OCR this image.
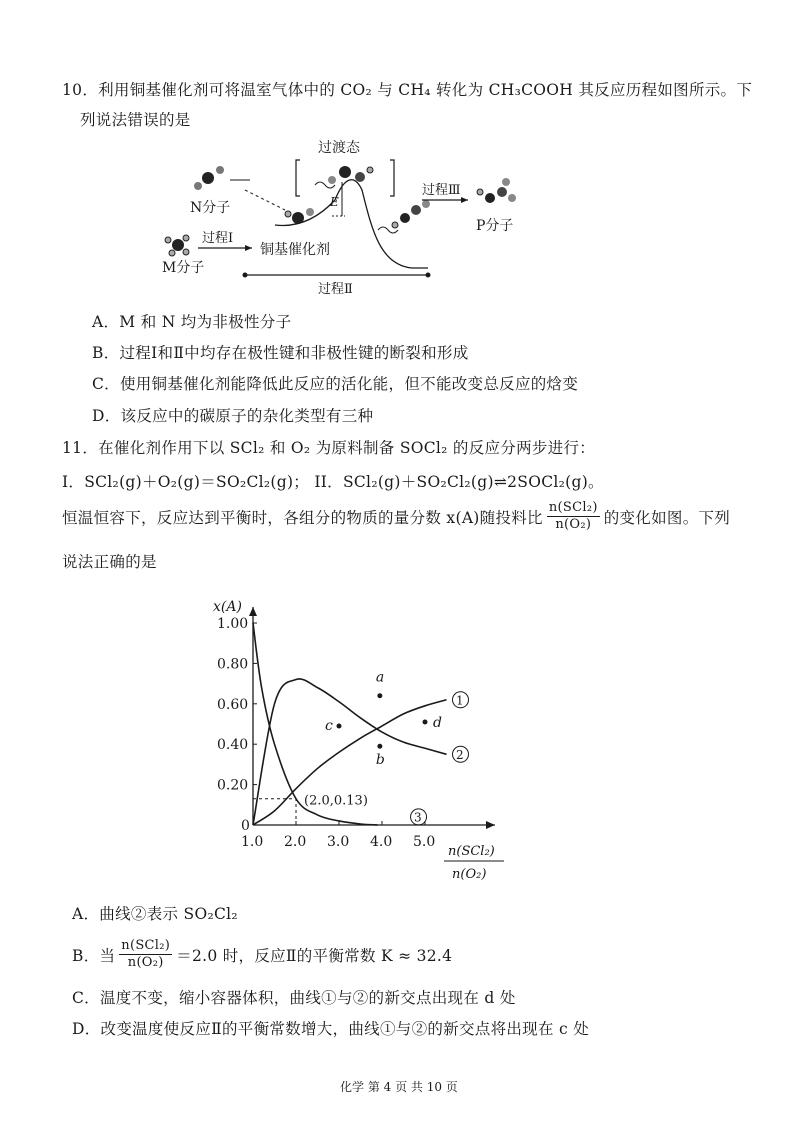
10．利用铜基催化剂可将温室气体中的 CO₂ 与 CH₄ 转化为 CH₃COOH 其反应历程如图所示。下
列说法错误的是
过渡态
N分子
M分子
过程Ⅰ
铜基催化剂
E
过程Ⅲ
P分子
过程Ⅱ
A．M 和 N 均为非极性分子
B．过程Ⅰ和Ⅱ中均存在极性键和非极性键的断裂和形成
C．使用铜基催化剂能降低此反应的活化能，但不能改变总反应的焓变
D．该反应中的碳原子的杂化类型有三种
11．在催化剂作用下以 SCl₂ 和 O₂ 为原料制备 SOCl₂ 的反应分两步进行：
I．SCl₂(g)＋O₂(g)＝SO₂Cl₂(g)； II．SCl₂(g)＋SO₂Cl₂(g)⇌2SOCl₂(g)。
恒温恒容下，反应达到平衡时，各组分的物质的量分数 x(A)随投料比 $\frac{\text{n(SCl₂)}}{\text{n(O₂)}}$ 的变化如图。下列
说法正确的是
x(A)
n(SCl₂)
n(O₂)
1.0 2.0 3.0 4.0 5.0
0
0.20
0.40
0.60
0.80
1.00
1
2
3
(2.0,0.13)
a
b
c	d
A．曲线②表示 SO₂Cl₂
B．当 $\frac{\text{n(SCl₂)}}{\text{n(O₂)}} =2.0$ 时，反应Ⅱ的平衡常数 K ≈ 32.4
C．温度不变，缩小容器体积，曲线①与②的新交点出现在 d 处
D．改变温度使反应Ⅱ的平衡常数增大，曲线①与②的新交点将出现在 c 处
化学 第 4 页 共 10 页
